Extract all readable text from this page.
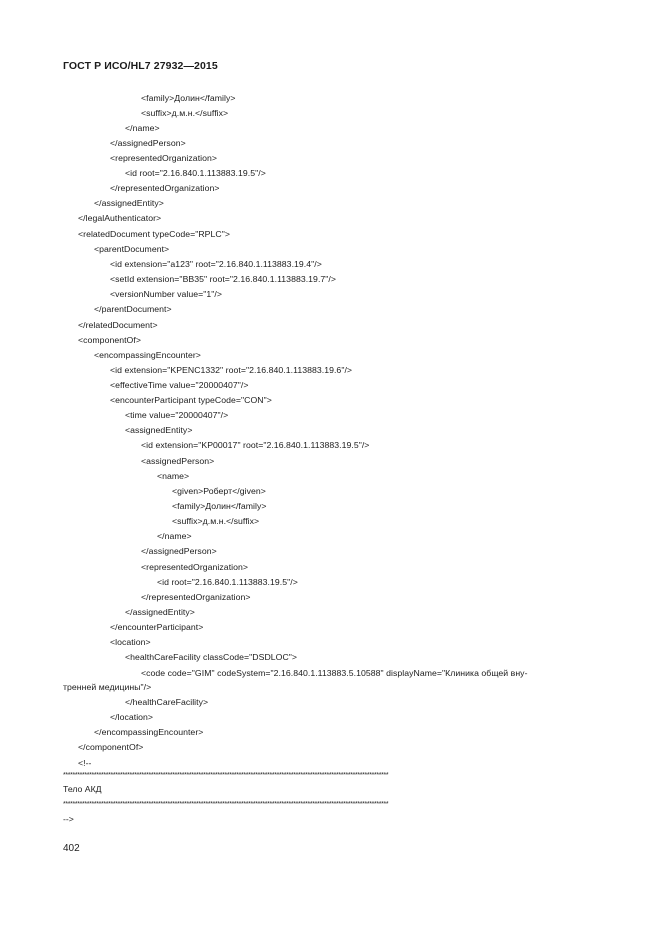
ГОСТ Р ИСО/HL7 27932—2015
<family>Долин</family>
<suffix>д.м.н.</suffix>
</name>
</assignedPerson>
<representedOrganization>
<id root="2.16.840.1.113883.19.5"/>
</representedOrganization>
</assignedEntity>
</legalAuthenticator>
<relatedDocument typeCode="RPLC">
<parentDocument>
<id extension="a123" root="2.16.840.1.113883.19.4"/>
<setId extension="BB35" root="2.16.840.1.113883.19.7"/>
<versionNumber value="1"/>
</parentDocument>
</relatedDocument>
<componentOf>
<encompassingEncounter>
<id extension="KPENC1332" root="2.16.840.1.113883.19.6"/>
<effectiveTime value="20000407"/>
<encounterParticipant typeCode="CON">
<time value="20000407"/>
<assignedEntity>
<id extension="KP00017" root="2.16.840.1.113883.19.5"/>
<assignedPerson>
<name>
<given>Роберт</given>
<family>Долин</family>
<suffix>д.м.н.</suffix>
</name>
</assignedPerson>
<representedOrganization>
<id root="2.16.840.1.113883.19.5"/>
</representedOrganization>
</assignedEntity>
</encounterParticipant>
<location>
<healthCareFacility classCode="DSDLOC">
<code code="GIM" codeSystem="2.16.840.1.113883.5.10588" displayName="Клиника общей вну-
тренней медицины"/>
</healthCareFacility>
</location>
</encompassingEncounter>
</componentOf>
<!--
*****************************************************************************************************************************************
Тело АКД
*****************************************************************************************************************************************
-->
402
